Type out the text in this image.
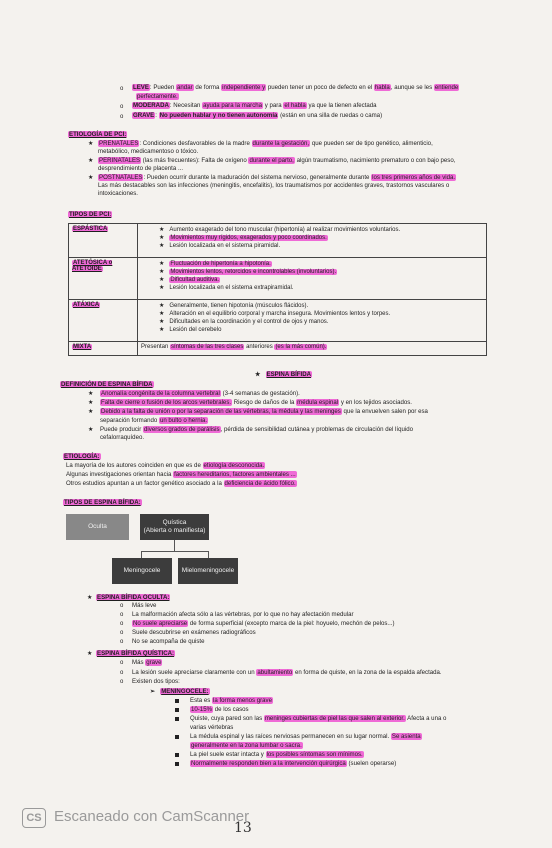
o LEVE: Pueden andar de forma independiente y pueden tener un poco de defecto en el habla, aunque se les entiende
perfectamente.
o MODERADA: Necesitan ayuda para la marcha y para el habla ya que la tienen afectada
o GRAVE: No pueden hablar y no tienen autonomía (están en una silla de ruedas o cama)
ETIOLOGÍA DE PCI:
★ PRENATALES: Condiciones desfavorables de la madre durante la gestación, que pueden ser de tipo genético, alimenticio,
metabólico, medicamentoso o tóxico.
★ PERINATALES (las más frecuentes): Falta de oxígeno durante el parto, algún traumatismo, nacimiento prematuro o con bajo peso,
desprendimiento de placenta ...
★ POSTNATALES: Pueden ocurrir durante la maduración del sistema nervioso, generalmente durante los tres primeros años de vida.
Las más destacables son las infecciones (meningitis, encefalitis), los traumatismos por accidentes graves, trastornos vasculares o
intoxicaciones.
TIPOS DE PCI:
ESPÁSTICA	★   Aumento exagerado del tono muscular (hipertonía) al realizar movimientos voluntarios.
★   Movimientos muy rígidos, exagerados y poco coordinados.
★   Lesión localizada en el sistema piramidal.

ATETÓSICA o ATETOIDE	★   Fluctuación de hipertonía a hipotonía.
★   Movimientos lentos, retorcidos e incontrolables (involuntarios).
★   Dificultad auditiva.
★   Lesión localizada en el sistema extrapiramidal.

ATÁXICA	★   Generalmente, tienen hipotonía (músculos flácidos).
★   Alteración en el equilibrio corporal y marcha insegura. Movimientos lentos y torpes.
★   Dificultades en la coordinación y el control de ojos y manos.
★   Lesión del cerebelo

MIXTA	Presentan síntomas de las tres clases anteriores (es la más común).
★   ESPINA BÍFIDA
DEFINICIÓN DE ESPINA BÍFIDA
★ Anomalía congénita de la columna vertebral (3-4 semanas de gestación).
★ Falta de cierre o fusión de los arcos vertebrales. Riesgo de daños de la médula espinal y en los tejidos asociados.
★ Debido a la falta de unión o por la separación de las vértebras, la médula y las meninges que la envuelven salen por esa
separación formando un bulto o hernia.
★ Puede producir diversos grados de parálisis, pérdida de sensibilidad cutánea y problemas de circulación del líquido
cefalorraquídeo.
ETIOLOGÍA:
La mayoría de los autores coinciden en que es de etiología desconocida.
Algunas investigaciones orientan hacia factores hereditarios, factores ambientales ...
Otros estudios apuntan a un factor genético asociado a la deficiencia de ácido fólico.
TIPOS DE ESPINA BÍFIDA:
Oculta
Quística
(Abierta o manifiesta)
Meningocele	Mielomeningocele
★ ESPINA BÍFIDA OCULTA:
o Más leve
o La malformación afecta sólo a las vértebras, por lo que no hay afectación medular
o No suele apreciarse de forma superficial (excepto marca de la piel: hoyuelo, mechón de pelos...)
o Suele descubrirse en exámenes radiográficos
o No se acompaña de quiste
★ ESPINA BÍFIDA QUÍSTICA:
o Más grave
o La lesión suele apreciarse claramente con un abultamiento en forma de quiste, en la zona de la espalda afectada.
o Existen dos tipos:
➢   MENINGOCELE:
Esta es la forma menos grave
10-15% de los casos
Quiste, cuya pared son las meninges cubiertas de piel las que salen al exterior. Afecta a una o
varias vértebras
La médula espinal y las raíces nerviosas permanecen en su lugar normal. Se asienta
generalmente en la zona lumbar o sacra.
La piel suele estar intacta y los posibles síntomas son mínimos.
Normalmente responden bien a la intervención quirúrgica (suelen operarse)
CS Escaneado con CamScanner
13
